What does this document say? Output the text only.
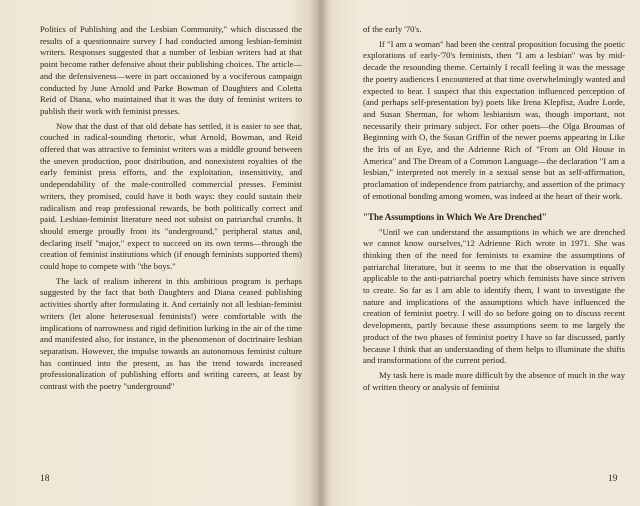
Politics of Publishing and the Lesbian Community," which discussed the results of a questionnaire survey I had conducted among lesbian-feminist writers. Responses suggested that a number of lesbian writers had at that point become rather defensive about their publishing choices. The article—and the defensiveness—were in part occasioned by a vociferous campaign conducted by June Arnold and Parke Bowman of Daughters and Coletta Reid of Diana, who maintained that it was the duty of feminist writers to publish their work with feminist presses.

Now that the dust of that old debate has settled, it is easier to see that, couched in radical-sounding rhetoric, what Arnold, Bowman, and Reid offered that was attractive to feminist writers was a middle ground between the uneven production, poor distribution, and nonexistent royalties of the early feminist press efforts, and the exploitation, insensitivity, and undependability of the male-controlled commercial presses. Feminist writers, they promised, could have it both ways: they could sustain their radicalism and reap professional rewards, be both politically correct and paid. Lesbian-feminist literature need not subsist on patriarchal crumbs. It should emerge proudly from its "underground," peripheral status and, declaring itself "major," expect to succeed on its own terms—through the creation of feminist institutions which (if enough feminists supported them) could hope to compete with "the boys."

The lack of realism inherent in this ambitious program is perhaps suggested by the fact that both Daughters and Diana ceased publishing activities shortly after formulating it. And certainly not all lesbian-feminist writers (let alone heterosexual feminists!) were comfortable with the implications of narrowness and rigid definition lurking in the air of the time and manifested also, for instance, in the phenomenon of doctrinaire lesbian separatism. However, the impulse towards an autonomous feminist culture has continued into the present, as has the trend towards increased professionalization of publishing efforts and writing careers, at least by contrast with the poetry "underground"

18

of the early '70's.

If "I am a woman" had been the central proposition focusing the poetic explorations of early-'70's feminists, then "I am a lesbian" was by mid-decade the resounding theme. Certainly I recall feeling it was the message the poetry audiences I encountered at that time overwhelmingly wanted and expected to hear. I suspect that this expectation influenced perception of (and perhaps self-presentation by) poets like Irena Klepfisz, Audre Lorde, and Susan Sherman, for whom lesbianism was, though important, not necessarily their primary subject. For other poets—the Olga Broumas of Beginning with O, the Susan Griffin of the newer poems appearing in Like the Iris of an Eye, and the Adrienne Rich of "From an Old House in America" and The Dream of a Common Language—the declaration "I am a lesbian," interpreted not merely in a sexual sense but as self-affirmation, proclamation of independence from patriarchy, and assertion of the primacy of emotional bonding among women, was indeed at the heart of their work.

"The Assumptions in Which We Are Drenched"

"Until we can understand the assumptions in which we are drenched we cannot know ourselves,"12 Adrienne Rich wrote in 1971. She was thinking then of the need for feminists to examine the assumptions of patriarchal literature, but it seems to me that the observation is equally applicable to the anti-patriarchal poetry which feminists have since striven to create. So far as I am able to identify them, I want to investigate the nature and implications of the assumptions which have influenced the creation of feminist poetry. I will do so before going on to discuss recent developments, partly because these assumptions seem to me largely the product of the two phases of feminist poetry I have so far discussed, partly because I think that an understanding of them helps to illuminate the shifts and transformations of the current period.

My task here is made more difficult by the absence of much in the way of written theory or analysis of feminist

19
